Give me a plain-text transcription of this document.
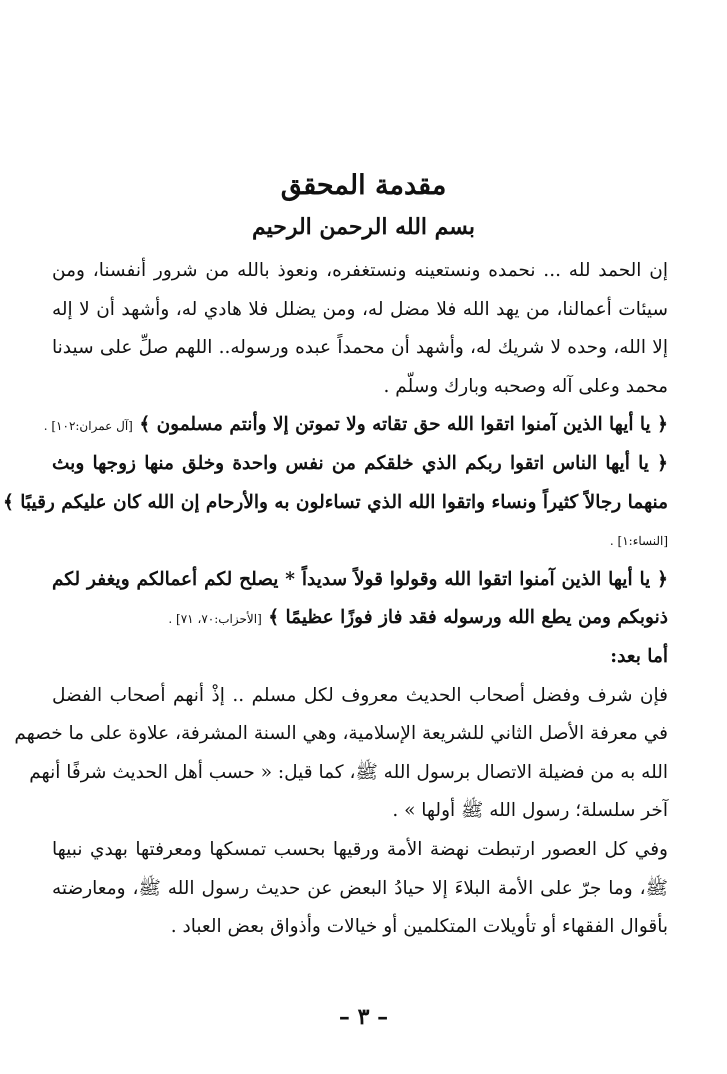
مقدمة المحقق
بسم الله الرحمن الرحيم
إن الحمد لله ... نحمده ونستعينه ونستغفره، ونعوذ بالله من شرور أنفسنا، ومن
سيئات أعمالنا، من يهد الله فلا مضل له، ومن يضلل فلا هادي له، وأشهد أن لا إله
إلا الله، وحده لا شريك له، وأشهد أن محمداً عبده ورسوله.. اللهم صلِّ على سيدنا
محمد وعلى آله وصحبه وبارك وسلّم .
﴿ يا أيها الذين آمنوا اتقوا الله حق تقاته ولا تموتن إلا وأنتم مسلمون ﴾ [آل عمران:١٠٢] .
﴿ يا أيها الناس اتقوا ربكم الذي خلقكم من نفس واحدة وخلق منها زوجها وبث
منهما رجالاً كثيراً ونساء واتقوا الله الذي تساءلون به والأرحام إن الله كان عليكم رقيبًا ﴾
[النساء:١] .
﴿ يا أيها الذين آمنوا اتقوا الله وقولوا قولاً سديداً * يصلح لكم أعمالكم ويغفر لكم
ذنوبكم ومن يطع الله ورسوله فقد فاز فوزًا عظيمًا ﴾ [الأحزاب:٧٠، ٧١] .
أما بعد:
فإن شرف وفضل أصحاب الحديث معروف لكل مسلم .. إذْ أنهم أصحاب الفضل
في معرفة الأصل الثاني للشريعة الإسلامية، وهي السنة المشرفة، علاوة على ما خصهم
الله به من فضيلة الاتصال برسول الله ﷺ، كما قيل: « حسب أهل الحديث شرفًا أنهم
آخر سلسلة؛ رسول الله ﷺ أولها » .
وفي كل العصور ارتبطت نهضة الأمة ورقيها بحسب تمسكها ومعرفتها بهدي نبيها
ﷺ، وما جرّ على الأمة البلاءَ إلا حيادُ البعض عن حديث رسول الله ﷺ، ومعارضته
بأقوال الفقهاء أو تأويلات المتكلمين أو خيالات وأذواق بعض العباد .
– ٣ –
